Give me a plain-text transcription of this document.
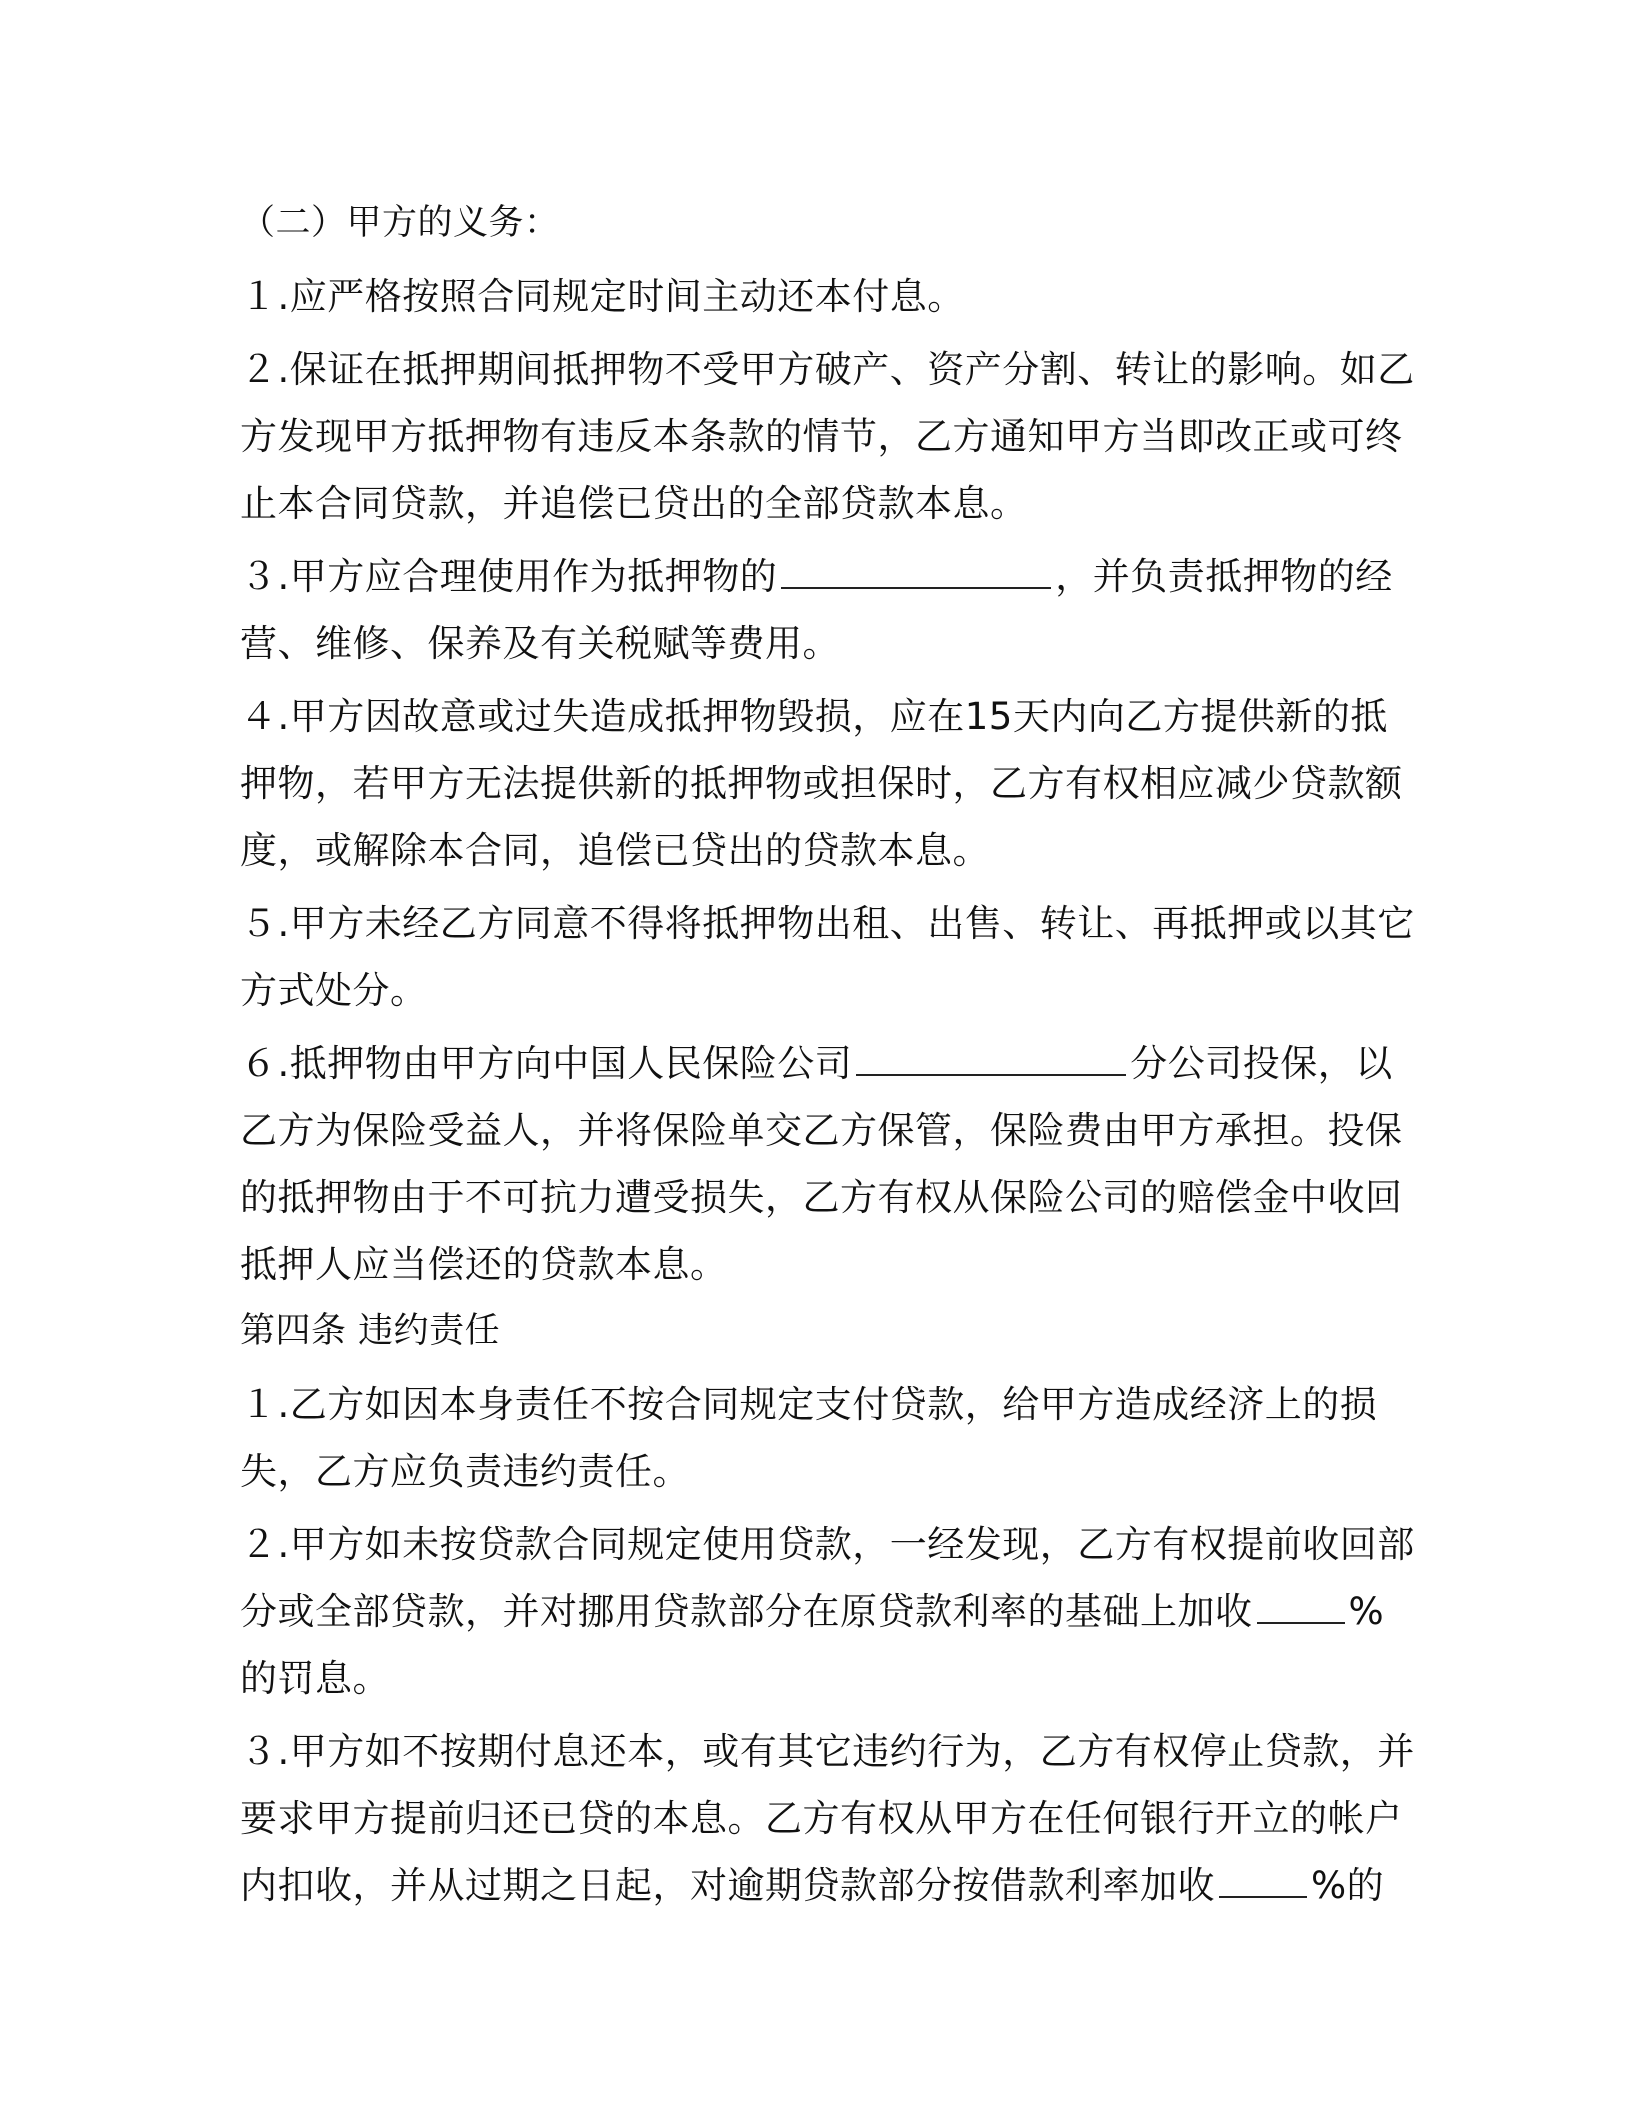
（二）甲方的义务：
１.应严格按照合同规定时间主动还本付息。
２.保证在抵押期间抵押物不受甲方破产、资产分割、转让的影响。如乙
方发现甲方抵押物有违反本条款的情节，乙方通知甲方当即改正或可终
止本合同贷款，并追偿已贷出的全部贷款本息。
３.甲方应合理使用作为抵押物的	，并负责抵押物的经
营、维修、保养及有关税赋等费用。
４.甲方因故意或过失造成抵押物毁损，应在15天内向乙方提供新的抵
押物，若甲方无法提供新的抵押物或担保时，乙方有权相应减少贷款额
度，或解除本合同，追偿已贷出的贷款本息。
５.甲方未经乙方同意不得将抵押物出租、出售、转让、再抵押或以其它
方式处分。
６.抵押物由甲方向中国人民保险公司	分公司投保，以
乙方为保险受益人，并将保险单交乙方保管，保险费由甲方承担。投保
的抵押物由于不可抗力遭受损失，乙方有权从保险公司的赔偿金中收回
抵押人应当偿还的贷款本息。
第四条 违约责任
１.乙方如因本身责任不按合同规定支付贷款，给甲方造成经济上的损
失，乙方应负责违约责任。
２.甲方如未按贷款合同规定使用贷款，一经发现，乙方有权提前收回部
分或全部贷款，并对挪用贷款部分在原贷款利率的基础上加收	%
的罚息。
３.甲方如不按期付息还本，或有其它违约行为，乙方有权停止贷款，并
要求甲方提前归还已贷的本息。乙方有权从甲方在任何银行开立的帐户
内扣收，并从过期之日起，对逾期贷款部分按借款利率加收	%的
